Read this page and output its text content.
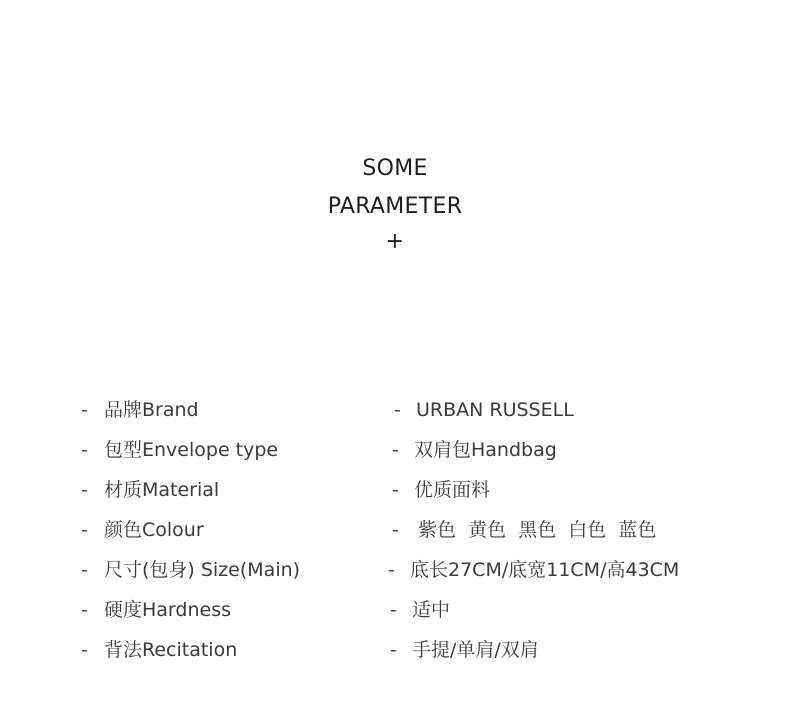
SOME
PARAMETER
+
- 品牌Brand	- URBAN RUSSELL
- 包型Envelope type	- 双肩包Handbag
- 材质Material	- 优质面料
- 颜色Colour	- 紫色  黄色  黑色  白色  蓝色
- 尺寸(包身) Size(Main)	- 底长27CM/底宽11CM/高43CM
- 硬度Hardness	- 适中
- 背法Recitation	- 手提/单肩/双肩
